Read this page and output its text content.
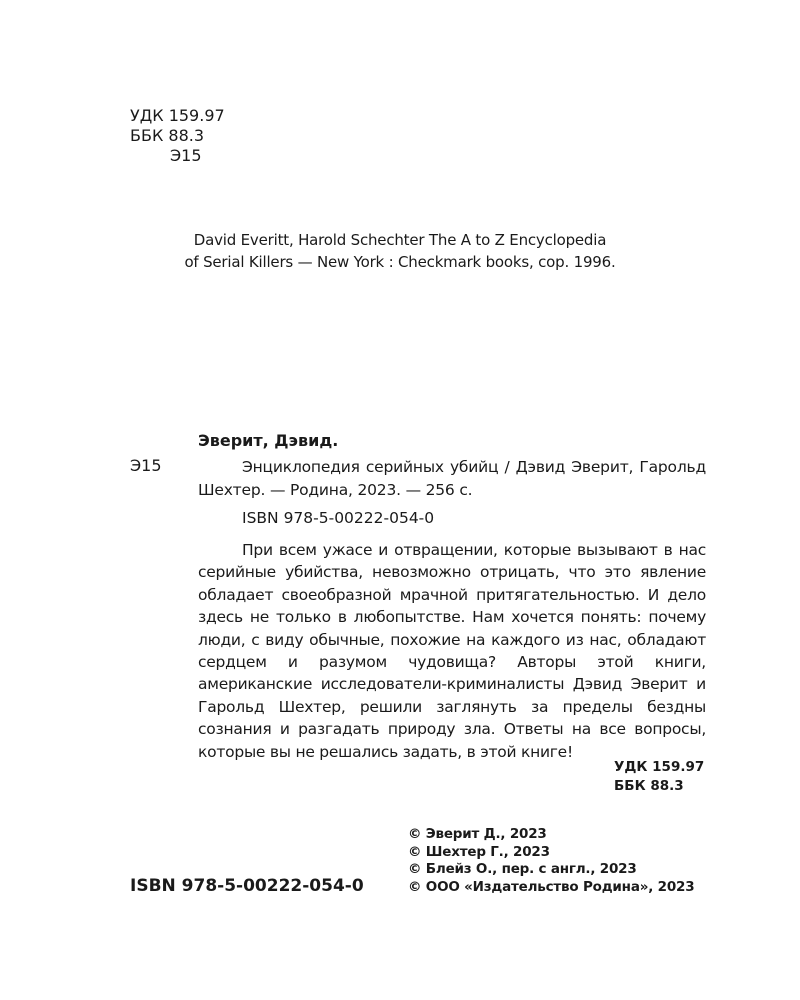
УДК 159.97
ББК 88.3
Э15
David Everitt, Harold Schechter The A to Z Encyclopedia
of Serial Killers — New York : Checkmark books, cop. 1996.
Эверит, Дэвид.
Э15	Энциклопедия серийных убийц / Дэвид Эверит, Гарольд Шехтер. — Родина, 2023. — 256 с.
ISBN 978-5-00222-054-0
При всем ужасе и отвращении, которые вызывают в нас серийные убийства, невозможно отрицать, что это явление обладает своеобразной мрачной притягательностью. И дело здесь не только в любопытстве. Нам хочется понять: почему люди, с виду обычные, похожие на каждого из нас, обладают сердцем и разумом чудовища? Авторы этой книги, американские исследователи-криминалисты Дэвид Эверит и Гарольд Шехтер, решили заглянуть за пределы бездны сознания и разгадать природу зла. Ответы на все вопросы, которые вы не решались задать, в этой книге!
УДК 159.97
ББК 88.3
© Эверит Д., 2023
© Шехтер Г., 2023
© Блейз О., пер. с англ., 2023
© ООО «Издательство Родина», 2023
ISBN 978-5-00222-054-0
